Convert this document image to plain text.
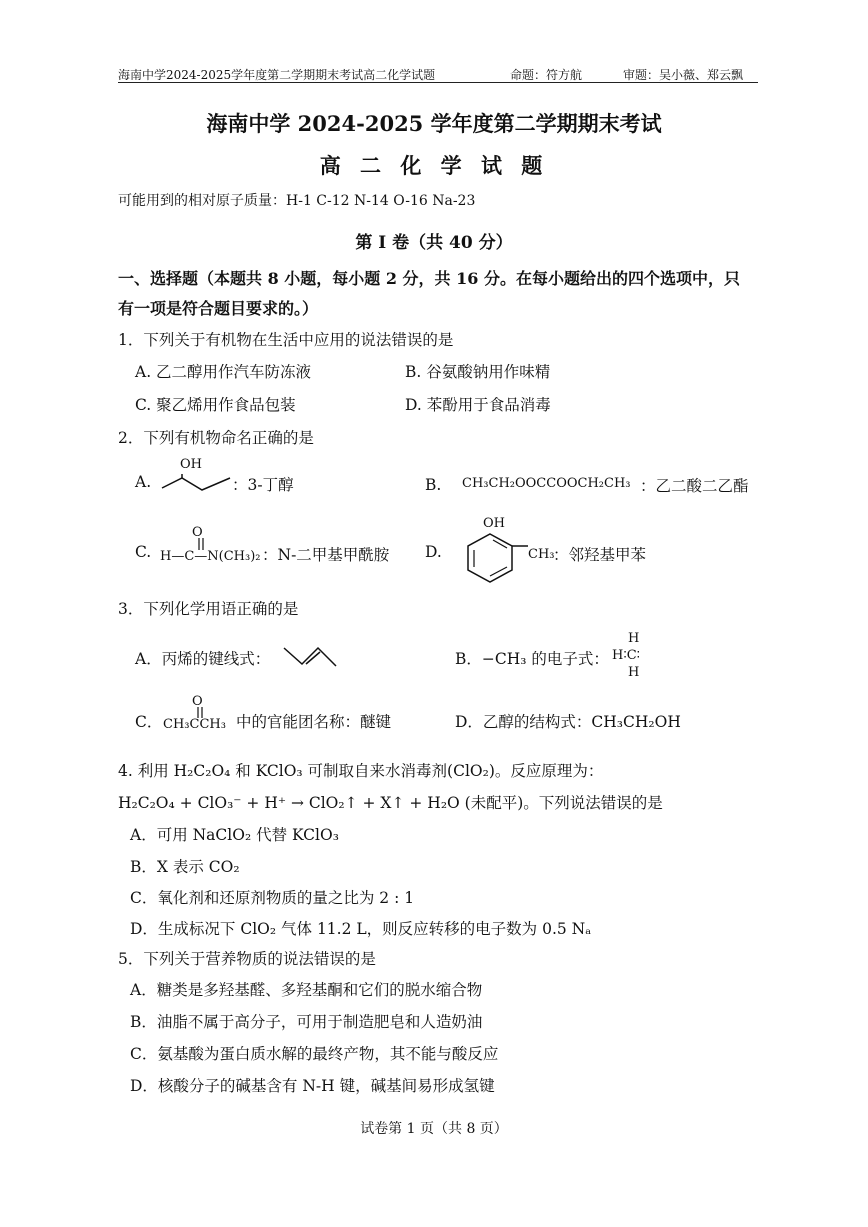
海南中学2024-2025学年度第二学期期末考试高二化学试题	命题：符方航	审题：吴小薇、郑云飘
海南中学 2024-2025 学年度第二学期期末考试
高 二 化 学 试 题
可能用到的相对原子质量：H-1 C-12 N-14 O-16 Na-23
第 I 卷（共 40 分）
一、选择题（本题共 8 小题，每小题 2 分，共 16 分。在每小题给出的四个选项中，只
有一项是符合题目要求的。）
1．下列关于有机物在生活中应用的说法错误的是
A. 乙二醇用作汽车防冻液	B. 谷氨酸钠用作味精
C. 聚乙烯用作食品包装	D. 苯酚用于食品消毒
2．下列有机物命名正确的是
A.
OH
：3-丁醇	B. CH₃CH₂OOCCOOCH₂CH₃ ：乙二酸二乙酯
C.
O
H—C—N(CH₃)₂ ：N-二甲基甲酰胺 D.
OH
CH₃
：邻羟基甲苯
3．下列化学用语正确的是
A．丙烯的键线式：	B．−CH₃ 的电子式：
H
H∶C∶
H
C．
O
CH₃CCH₃ 中的官能团名称：醚键	D．乙醇的结构式：CH₃CH₂OH
4. 利用 H₂C₂O₄ 和 KClO₃ 可制取自来水消毒剂(ClO₂)。反应原理为：
H₂C₂O₄ + ClO₃⁻ + H⁺ → ClO₂↑ + X↑ + H₂O (未配平)。下列说法错误的是
A．可用 NaClO₂ 代替 KClO₃
B．X 表示 CO₂
C．氧化剂和还原剂物质的量之比为 2 : 1
D．生成标况下 ClO₂ 气体 11.2 L，则反应转移的电子数为 0.5 Nₐ
5．下列关于营养物质的说法错误的是
A．糖类是多羟基醛、多羟基酮和它们的脱水缩合物
B．油脂不属于高分子，可用于制造肥皂和人造奶油
C．氨基酸为蛋白质水解的最终产物，其不能与酸反应
D．核酸分子的碱基含有 N-H 键，碱基间易形成氢键
试卷第 1 页（共 8 页）
